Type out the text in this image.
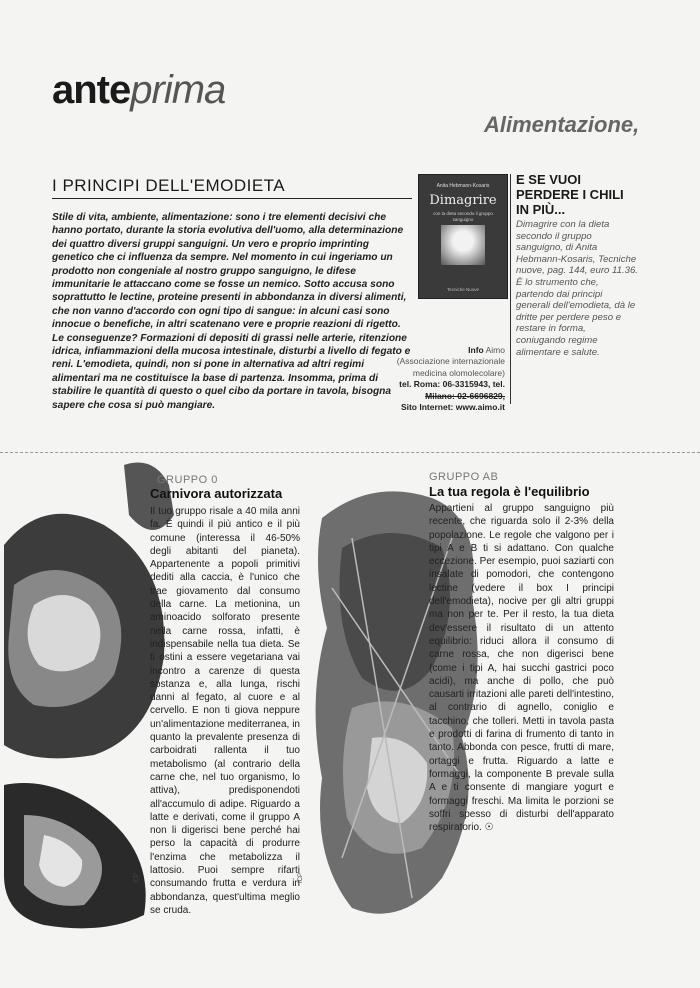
anteprima
Alimentazione,
I PRINCIPI DELL'EMODIETA

Stile di vita, ambiente, alimentazione: sono i tre elementi decisivi che hanno portato, durante la storia evolutiva dell'uomo, alla determinazione dei quattro diversi gruppi sanguigni. Un vero e proprio imprinting genetico che ci influenza da sempre. Nel momento in cui ingeriamo un prodotto non congeniale al nostro gruppo sanguigno, le difese immunitarie le attaccano come se fosse un nemico. Sotto accusa sono soprattutto le lectine, proteine presenti in abbondanza in diversi alimenti, che non vanno d'accordo con ogni tipo di sangue: in alcuni casi sono innocue o benefiche, in altri scatenano vere e proprie reazioni di rigetto. Le conseguenze? Formazioni di depositi di grassi nelle arterie, ritenzione idrica, infiammazioni della mucosa intestinale, disturbi a livello di fegato e reni. L'emodieta, quindi, non si pone in alternativa ad altri regimi alimentari ma ne costituisce la base di partenza. Insomma, prima di stabilire le quantità di questo o quel cibo da portare in tavola, bisogna sapere che cosa si può mangiare.

Anita Hebmann-Kosaris
Dimagrire
con la dieta secondo il gruppo sanguigno
Tecniche Nuove
E SE VUOI PERDERE I CHILI IN PIÙ...

Dimagrire con la dieta secondo il gruppo sanguigno, di Anita Hebmann-Kosaris, Tecniche nuove, pag. 144, euro 11.36. È lo strumento che, partendo dai principi generali dell'emodieta, dà le dritte per perdere peso e restare in forma, coniugando regime alimentare e salute.

Info Aimo
(Associazione internazionale medicina olomolecolare)
tel. Roma: 06-3315943, tel.
Milano: 02-6696829,
Sito Internet: www.aimo.it
GRUPPO 0
Carnivora autorizzata

Il tuo gruppo risale a 40 mila anni fa. È quindi il più antico e il più comune (interessa il 46-50% degli abitanti del pianeta). Appartenente a popoli primitivi dediti alla caccia, è l'unico che trae giovamento dal consumo della carne. La metionina, un aminoacido solforato presente nella carne rossa, infatti, è indispensabile nella tua dieta. Se ti ostini a essere vegetariana vai incontro a carenze di questa sostanza e, alla lunga, rischi danni al fegato, al cuore e al cervello. E non ti giova neppure un'alimentazione mediterranea, in quanto la prevalente presenza di carboidrati rallenta il tuo metabolismo (al contrario della carne che, nel tuo organismo, lo attiva), predisponendoti all'accumulo di adipe. Riguardo a latte e derivati, come il gruppo A non li digerisci bene perché hai perso la capacità di produrre l'enzima che metabolizza il lattosio. Puoi sempre rifarti consumando frutta e verdura in abbondanza, quest'ultima meglio se cruda.

ICP
GRUPPO AB
La tua regola è l'equilibrio

Appartieni al gruppo sanguigno più recente, che riguarda solo il 2-3% della popolazione. Le regole che valgono per i tipi A e B ti si adattano. Con qualche eccezione. Per esempio, puoi saziarti con insalate di pomodori, che contengono lectine (vedere il box I principi dell'emodieta), nocive per gli altri gruppi ma non per te. Per il resto, la tua dieta dev'essere il risultato di un attento equilibrio: riduci allora il consumo di carne rossa, che non digerisci bene (come i tipi A, hai succhi gastrici poco acidi), ma anche di pollo, che può causarti irritazioni alle pareti dell'intestino, al contrario di agnello, coniglio e tacchino, che tolleri. Metti in tavola pasta e prodotti di farina di frumento di tanto in tanto. Abbonda con pesce, frutti di mare, ortaggi e frutta. Riguardo a latte e formaggi, la componente B prevale sulla A e ti consente di mangiare yogurt e formaggi freschi. Ma limita le porzioni se soffri spesso di disturbi dell'apparato respiratorio. ☉

ICP
